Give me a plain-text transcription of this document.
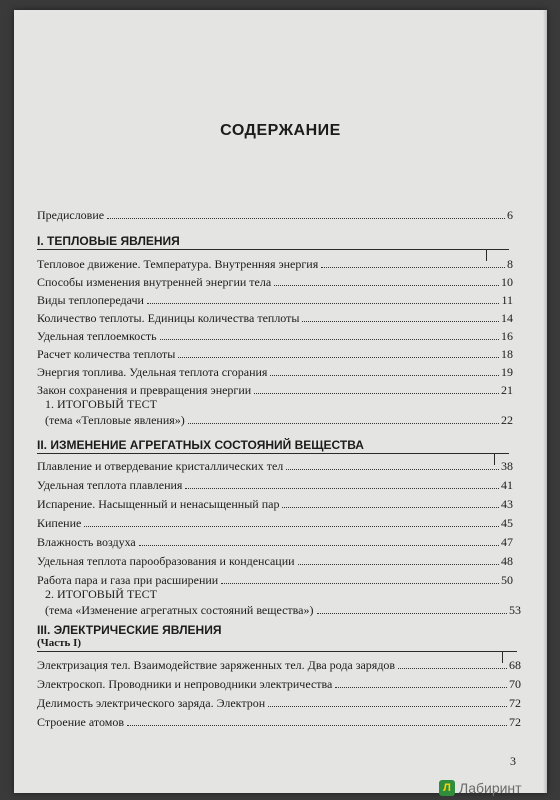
СОДЕРЖАНИЕ
Предисловие	6
I. ТЕПЛОВЫЕ ЯВЛЕНИЯ
Тепловое движение. Температура. Внутренняя энергия	8
Способы изменения внутренней энергии тела	10
Виды теплопередачи	11
Количество теплоты. Единицы количества теплоты	14
Удельная теплоемкость	16
Расчет количества теплоты	18
Энергия топлива. Удельная теплота сгорания	19
Закон сохранения и превращения энергии	21
1. ИТОГОВЫЙ ТЕСТ
(тема «Тепловые явления»)	22
II. ИЗМЕНЕНИЕ АГРЕГАТНЫХ СОСТОЯНИЙ ВЕЩЕСТВА
Плавление и отвердевание кристаллических тел	38
Удельная теплота плавления	41
Испарение. Насыщенный и ненасыщенный пар	43
Кипение	45
Влажность воздуха	47
Удельная теплота парообразования и конденсации	48
Работа пара и газа при расширении	50
2. ИТОГОВЫЙ ТЕСТ
(тема «Изменение агрегатных состояний вещества»)	53
III. ЭЛЕКТРИЧЕСКИЕ ЯВЛЕНИЯ
(Часть I)
Электризация тел. Взаимодействие заряженных тел. Два рода зарядов	68
Электроскоп. Проводники и непроводники электричества	70
Делимость электрического заряда. Электрон	72
Строение атомов	72
3
Л Лабиринт
